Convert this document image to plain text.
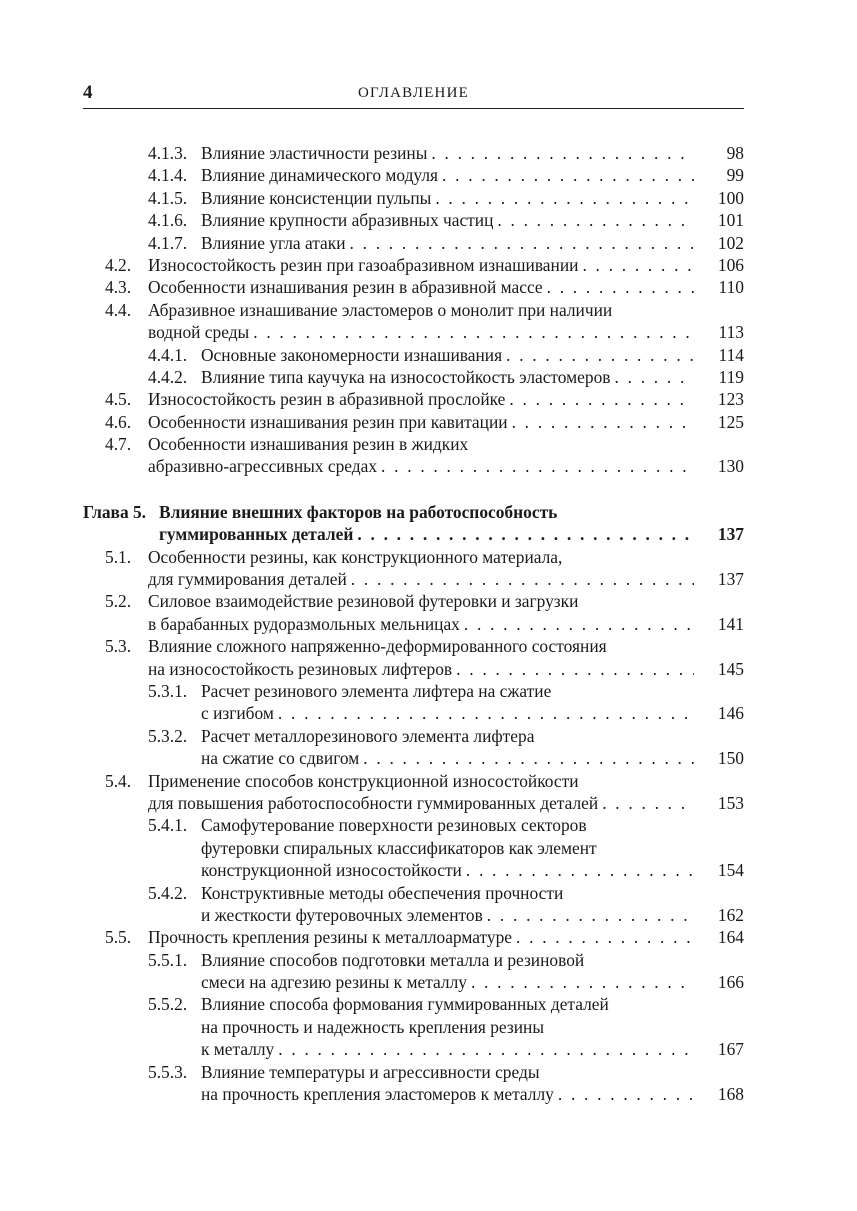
4	ОГЛАВЛЕНИЕ
4.1.3. Влияние эластичности резины . . .	98
4.1.4. Влияние динамического модуля . . .	99
4.1.5. Влияние консистенции пульпы . . .	100
4.1.6. Влияние крупности абразивных частиц . . .	101
4.1.7. Влияние угла атаки . . .	102
4.2. Износостойкость резин при газоабразивном изнашивании . . .	106
4.3. Особенности изнашивания резин в абразивной массе . . .	110
4.4. Абразивное изнашивание эластомеров о монолит при наличии
водной среды . . .	113
4.4.1. Основные закономерности изнашивания . . .	114
4.4.2. Влияние типа каучука на износостойкость эластомеров . . .	119
4.5. Износостойкость резин в абразивной прослойке . . .	123
4.6. Особенности изнашивания резин при кавитации . . .	125
4.7. Особенности изнашивания резин в жидких
абразивно-агрессивных средах . . .	130
Глава 5. Влияние внешних факторов на работоспособность
гуммированных деталей . . .	137
5.1. Особенности резины, как конструкционного материала,
для гуммирования деталей . . .	137
5.2. Силовое взаимодействие резиновой футеровки и загрузки
в барабанных рудоразмольных мельницах . . .	141
5.3. Влияние сложного напряженно-деформированного состояния
на износостойкость резиновых лифтеров . . .	145
5.3.1. Расчет резинового элемента лифтера на сжатие
с изгибом . . .	146
5.3.2. Расчет металлорезинового элемента лифтера
на сжатие со сдвигом . . .	150
5.4. Применение способов конструкционной износостойкости
для повышения работоспособности гуммированных деталей . . .	153
5.4.1. Самофутерование поверхности резиновых секторов
футеровки спиральных классификаторов как элемент
конструкционной износостойкости . . .	154
5.4.2. Конструктивные методы обеспечения прочности
и жесткости футеровочных элементов . . .	162
5.5. Прочность крепления резины к металлоарматуре . . .	164
5.5.1. Влияние способов подготовки металла и резиновой
смеси на адгезию резины к металлу . . .	166
5.5.2. Влияние способа формования гуммированных деталей
на прочность и надежность крепления резины
к металлу . . .	167
5.5.3. Влияние температуры и агрессивности среды
на прочность крепления эластомеров к металлу . . .	168
